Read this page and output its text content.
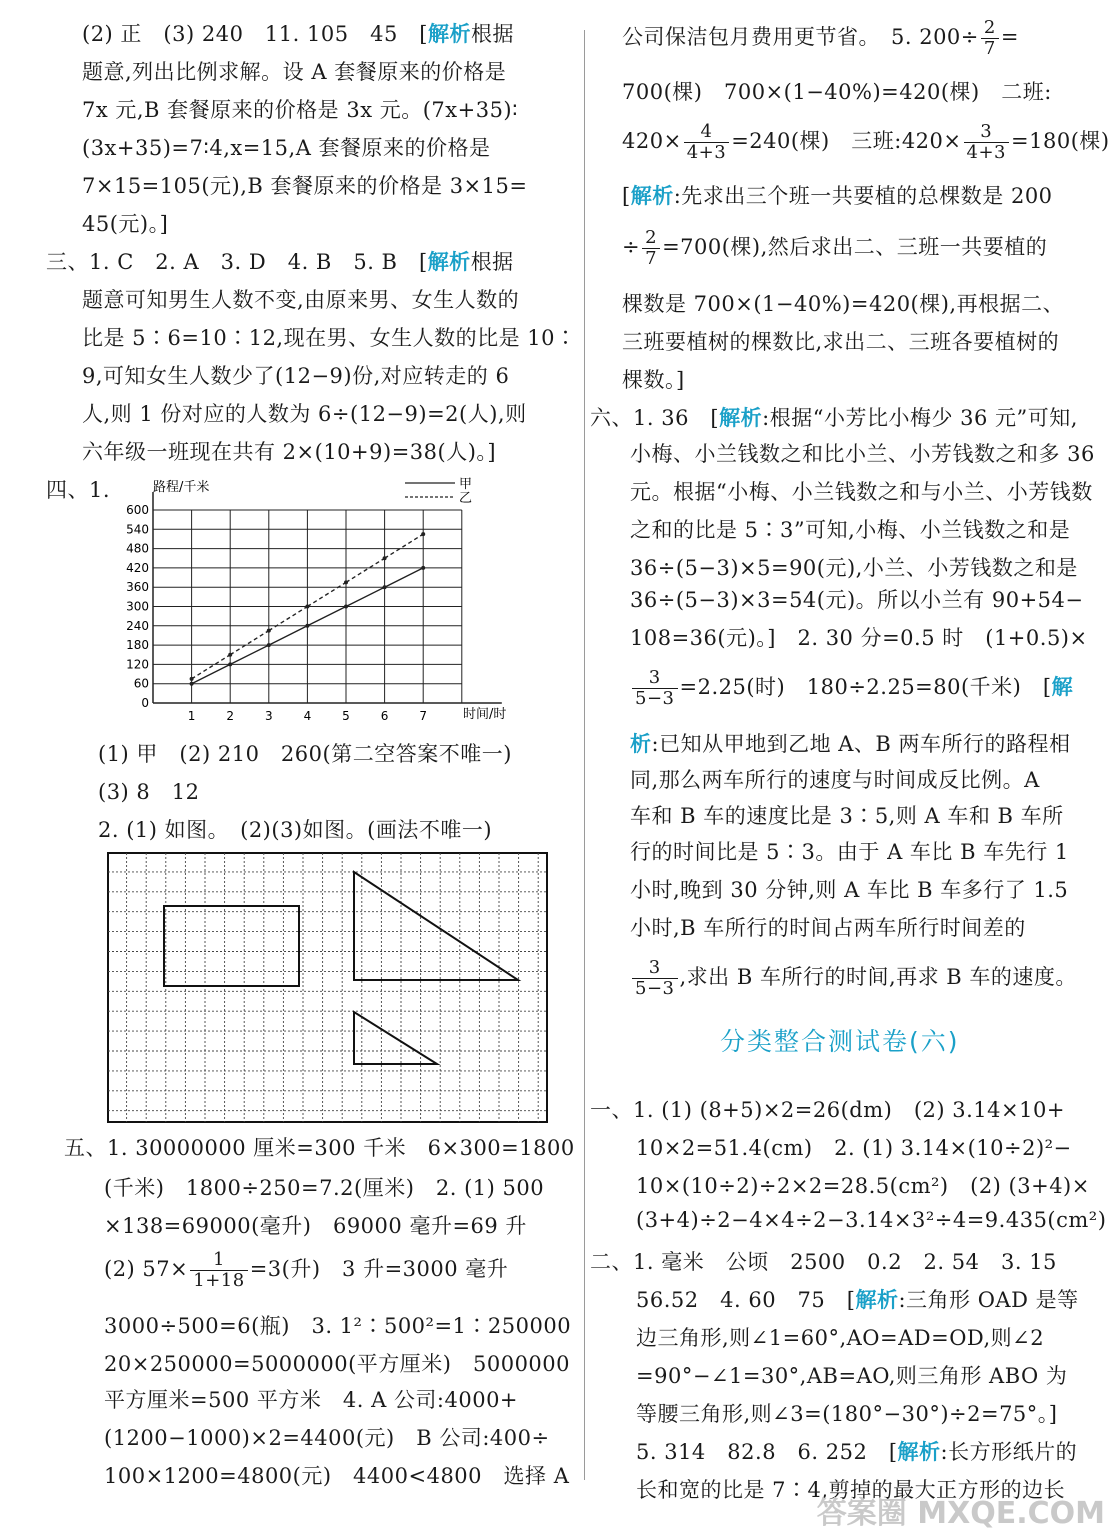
(2) 正　(3) 240　11. 105　45　[解析根据
题意,列出比例求解。设 A 套餐原来的价格是
7x 元,B 套餐原来的价格是 3x 元。(7x+35)∶
(3x+35)=7∶4,x=15,A 套餐原来的价格是
7×15=105(元),B 套餐原来的价格是 3×15=
45(元)。]
三、1. C　2. A　3. D　4. B　5. B　[解析根据
题意可知男生人数不变,由原来男、女生人数的
比是 5∶6=10∶12,现在男、女生人数的比是 10∶
9,可知女生人数少了(12−9)份,对应转走的 6
人,则 1 份对应的人数为 6÷(12−9)=2(人),则
六年级一班现在共有 2×(10+9)=38(人)。]
四、1.
0
60
120
180
240
300
360
420
480
540
600
1	2	3	4	5	6	7
路程/千米
时间/时
甲
乙
(1) 甲　(2) 210　260(第二空答案不唯一)
(3) 8　12
2. (1) 如图。　(2)(3)如图。(画法不唯一)
五、1. 30000000 厘米=300 千米　6×300=1800
(千米)　1800÷250=7.2(厘米)　2. (1) 500
×138=69000(毫升)　69000 毫升=69 升
(2) $57\times \frac{1}{1+18} =3$(升)　3 升=3000 毫升
3000÷500=6(瓶)　3. 1²∶500²=1∶250000
20×250000=5000000(平方厘米)　5000000
平方厘米=500 平方米　4. A 公司:4000+
(1200−1000)×2=4400(元)　B 公司:400÷
100×1200=4800(元)　4400<4800　选择 A
公司保洁包月费用更节省。　5. $200\div \frac{2}{7}$ =
700(棵)　700×(1−40%)=420(棵)　二班:
$420\times \frac{4}{4+3} =240$(棵)　三班:420× $\frac{3}{4+3} =180$(棵)
[解析:先求出三个班一共要植的总棵数是 200
÷ $\frac{2}{7} =700$(棵),然后求出二、三班一共要植的
棵数是 700×(1−40%)=420(棵),再根据二、
三班要植树的棵数比,求出二、三班各要植树的
棵数。]
六、1. 36　[解析:根据“小芳比小梅少 36 元”可知,
小梅、小兰钱数之和比小兰、小芳钱数之和多 36
元。根据“小梅、小兰钱数之和与小兰、小芳钱数
之和的比是 5∶3”可知,小梅、小兰钱数之和是
36÷(5−3)×5=90(元),小兰、小芳钱数之和是
36÷(5−3)×3=54(元)。所以小兰有 90+54−
108=36(元)。]　2. 30 分=0.5 时　(1+0.5)×
$\frac{3}{5-3} =2.25$(时)　180÷2.25=80(千米)　[解
析:已知从甲地到乙地 A、B 两车所行的路程相
同,那么两车所行的速度与时间成反比例。A
车和 B 车的速度比是 3∶5,则 A 车和 B 车所
行的时间比是 5∶3。由于 A 车比 B 车先行 1
小时,晚到 30 分钟,则 A 车比 B 车多行了 1.5
小时,B 车所行的时间占两车所行时间差的
$\frac{3}{5-3}$ ,求出 B 车所行的时间,再求 B 车的速度。
分类整合测试卷(六)
一、1. (1) (8+5)×2=26(dm)　(2) 3.14×10+
10×2=51.4(cm)　2. (1) 3.14×(10÷2)²−
10×(10÷2)÷2×2=28.5(cm²)　(2) (3+4)×
(3+4)÷2−4×4÷2−3.14×3²÷4=9.435(cm²)
二、1. 毫米　公顷　2500　0.2　2. 54　3. 15
56.52　4. 60　75　[解析:三角形 OAD 是等
边三角形,则∠1=60°,AO=AD=OD,则∠2
=90°−∠1=30°,AB=AO,则三角形 ABO 为
等腰三角形,则∠3=(180°−30°)÷2=75°。]
5. 314　82.8　6. 252　[解析:长方形纸片的
长和宽的比是 7∶4,剪掉的最大正方形的边长
答案圈 MXQE.COM
